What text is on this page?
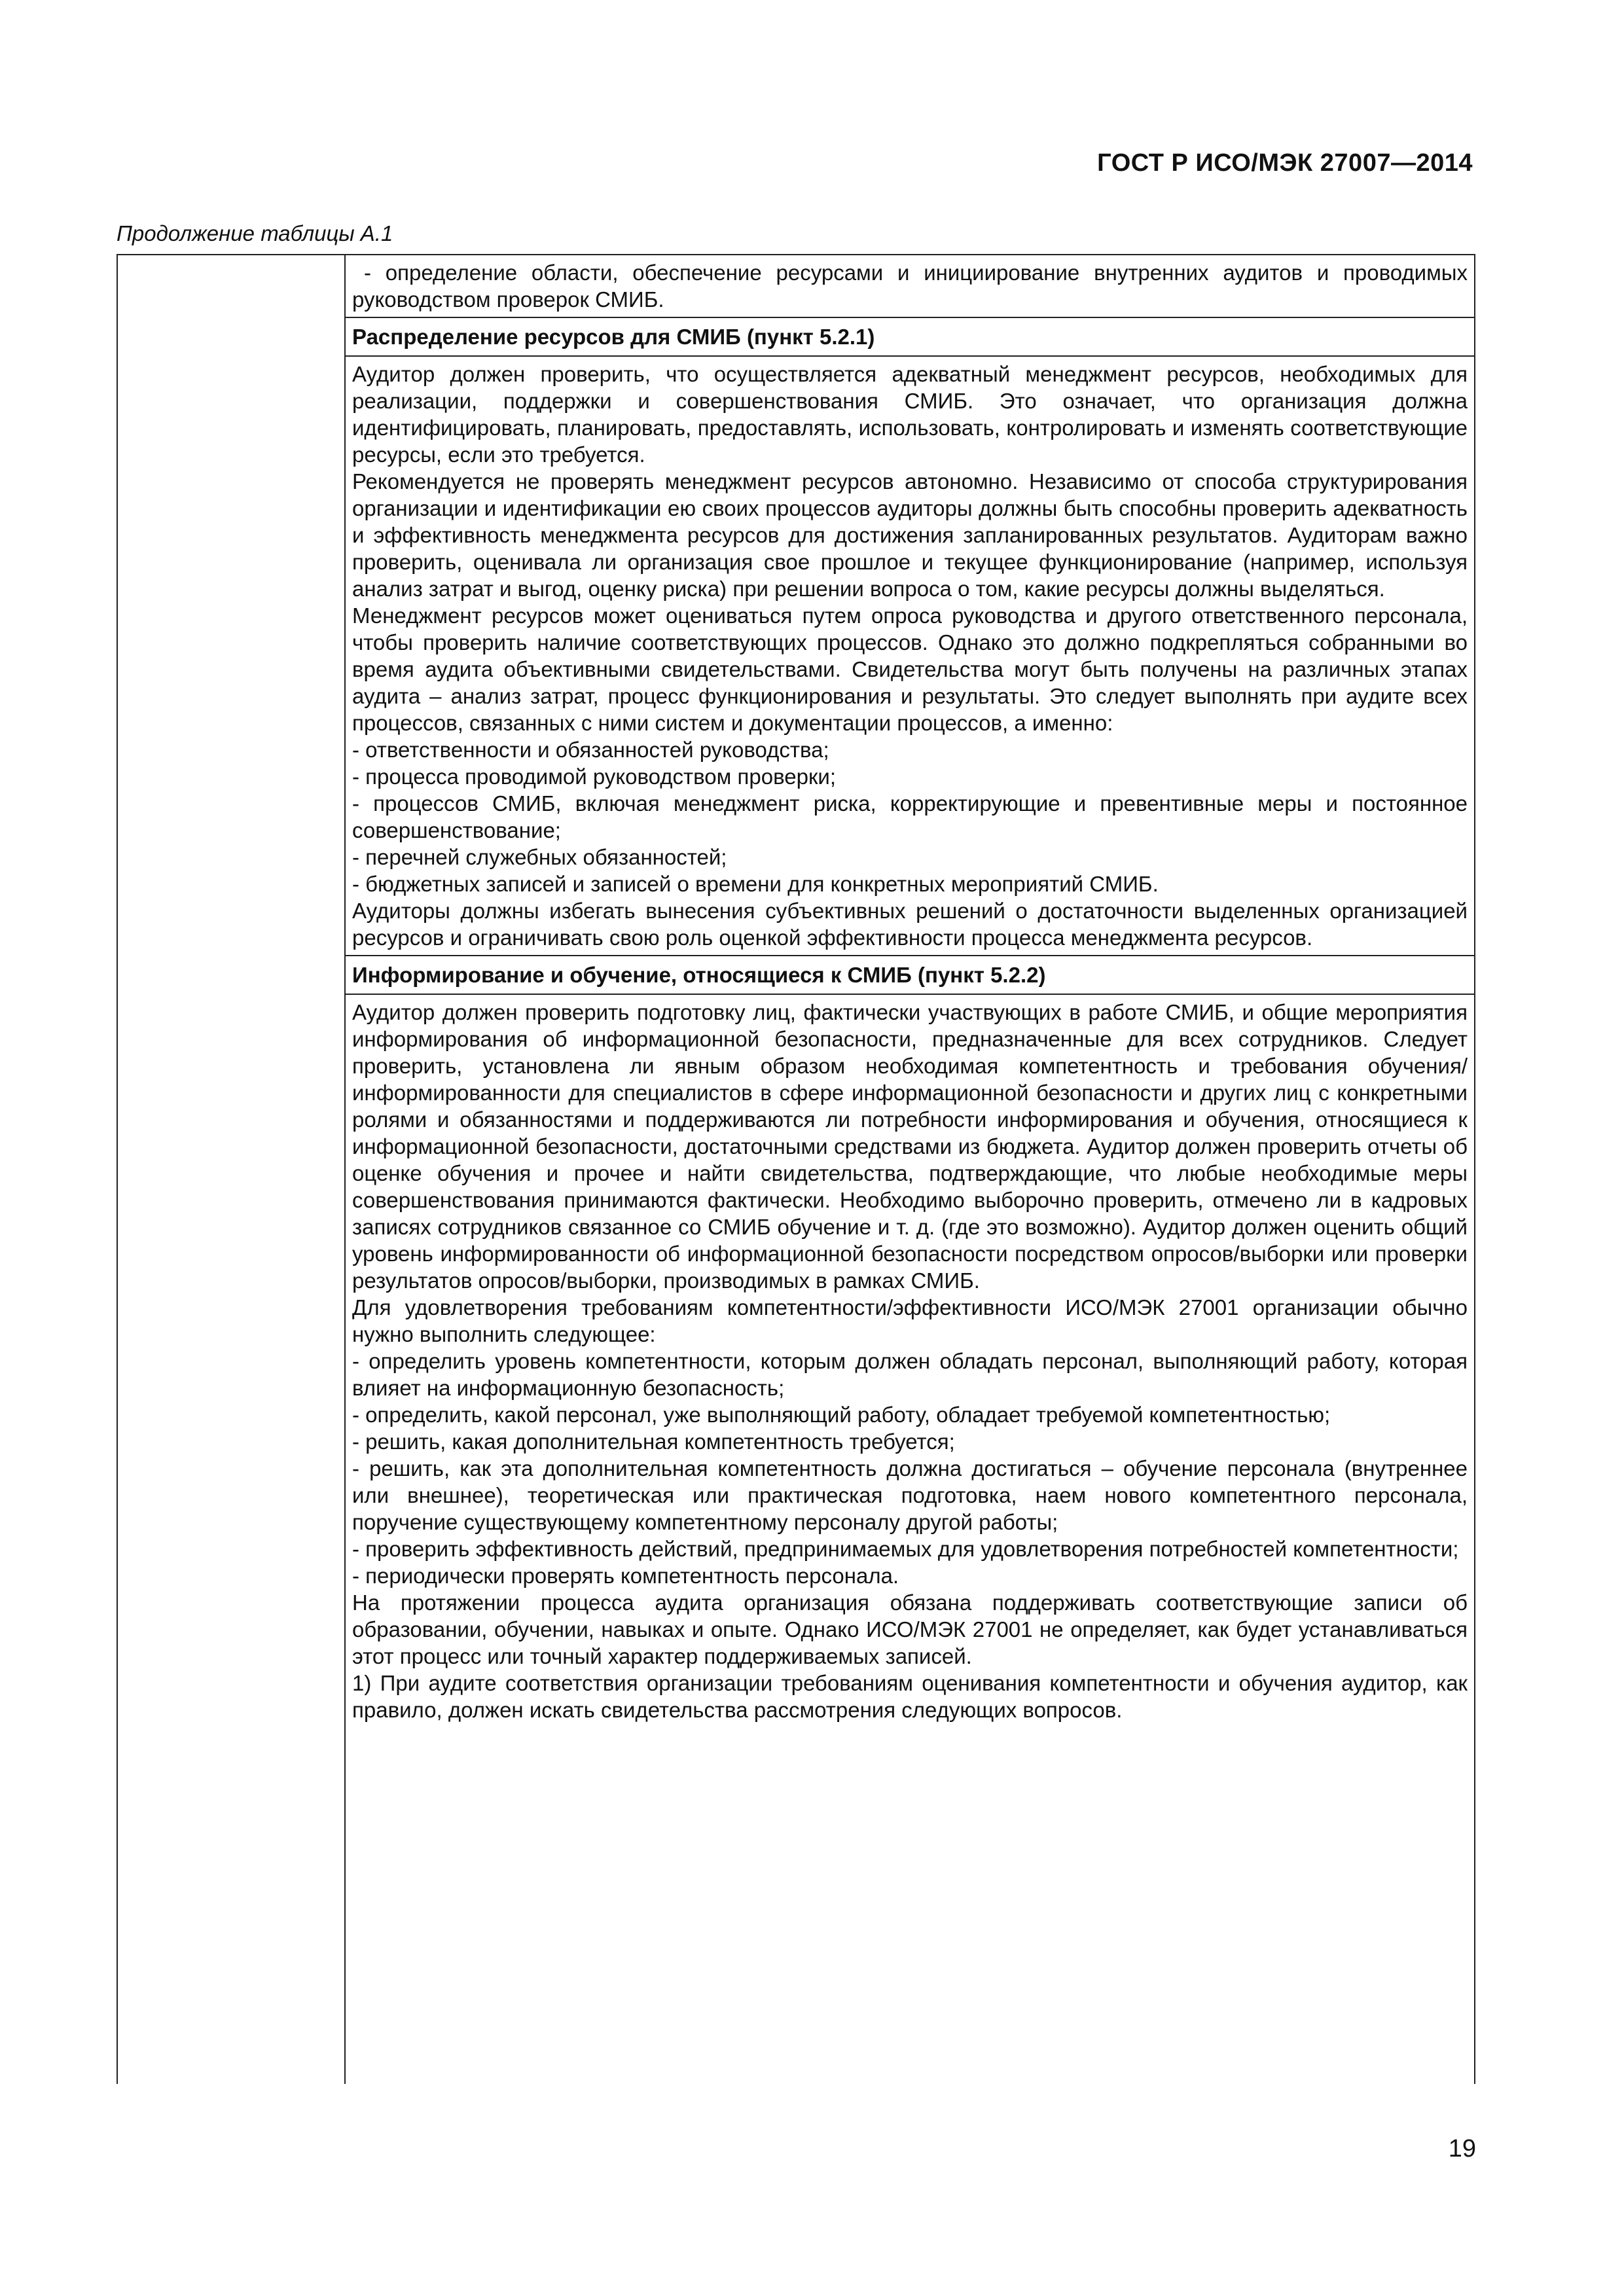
ГОСТ Р ИСО/МЭК 27007—2014
Продолжение таблицы А.1

- определение области, обеспечение ресурсами и инициирование внутренних аудитов и проводимых руководством проверок СМИБ.

Распределение ресурсов для СМИБ (пункт 5.2.1)

Аудитор должен проверить, что осуществляется адекватный менеджмент ресурсов, необходимых для реализации, поддержки и совершенствования СМИБ. Это означает, что организация должна идентифицировать, планировать, предоставлять, использовать, контролировать и изменять соответствующие ресурсы, если это требуется.

Рекомендуется не проверять менеджмент ресурсов автономно. Независимо от способа структурирования организации и идентификации ею своих процессов аудиторы должны быть способны проверить адекватность и эффективность менеджмента ресурсов для достижения запланированных результатов. Аудиторам важно проверить, оценивала ли организация свое прошлое и текущее функционирование (например, используя анализ затрат и выгод, оценку риска) при решении вопроса о том, какие ресурсы должны выделяться.

Менеджмент ресурсов может оцениваться путем опроса руководства и другого ответственного персонала, чтобы проверить наличие соответствующих процессов. Однако это должно подкрепляться собранными во время аудита объективными свидетельствами. Свидетельства могут быть получены на различных этапах аудита – анализ затрат, процесс функционирования и результаты. Это следует выполнять при аудите всех процессов, связанных с ними систем и документации процессов, а именно:

- ответственности и обязанностей руководства;

- процесса проводимой руководством проверки;

- процессов СМИБ, включая менеджмент риска, корректирующие и превентивные меры и постоянное совершенствование;

- перечней служебных обязанностей;

- бюджетных записей и записей о времени для конкретных мероприятий СМИБ.

Аудиторы должны избегать вынесения субъективных решений о достаточности выделенных организацией ресурсов и ограничивать свою роль оценкой эффективности процесса менеджмента ресурсов.

Информирование и обучение, относящиеся к СМИБ (пункт 5.2.2)

Аудитор должен проверить подготовку лиц, фактически участвующих в работе СМИБ, и общие мероприятия информирования об информационной безопасности, предназначенные для всех сотрудников. Следует проверить, установлена ли явным образом необходимая компетентность и требования обучения/информированности для специалистов в сфере информационной безопасности и других лиц с конкретными ролями и обязанностями и поддерживаются ли потребности информирования и обучения, относящиеся к информационной безопасности, достаточными средствами из бюджета. Аудитор должен проверить отчеты об оценке обучения и прочее и найти свидетельства, подтверждающие, что любые необходимые меры совершенствования принимаются фактически. Необходимо выборочно проверить, отмечено ли в кадровых записях сотрудников связанное со СМИБ обучение и т. д. (где это возможно). Аудитор должен оценить общий уровень информированности об информационной безопасности посредством опросов/выборки или проверки результатов опросов/выборки, производимых в рамках СМИБ.

Для удовлетворения требованиям компетентности/эффективности ИСО/МЭК 27001 организации обычно нужно выполнить следующее:

- определить уровень компетентности, которым должен обладать персонал, выполняющий работу, которая влияет на информационную безопасность;

- определить, какой персонал, уже выполняющий работу, обладает требуемой компетентностью;

- решить, какая дополнительная компетентность требуется;

- решить, как эта дополнительная компетентность должна достигаться – обучение персонала (внутреннее или внешнее), теоретическая или практическая подготовка, наем нового компетентного персонала, поручение существующему компетентному персоналу другой работы;

- проверить эффективность действий, предпринимаемых для удовлетворения потребностей компетентности;

- периодически проверять компетентность персонала.

На протяжении процесса аудита организация обязана поддерживать соответствующие записи об образовании, обучении, навыках и опыте. Однако ИСО/МЭК 27001 не определяет, как будет устанавливаться этот процесс или точный характер поддерживаемых записей.

1) При аудите соответствия организации требованиям оценивания компетентности и обучения аудитор, как правило, должен искать свидетельства рассмотрения следующих вопросов.

19
